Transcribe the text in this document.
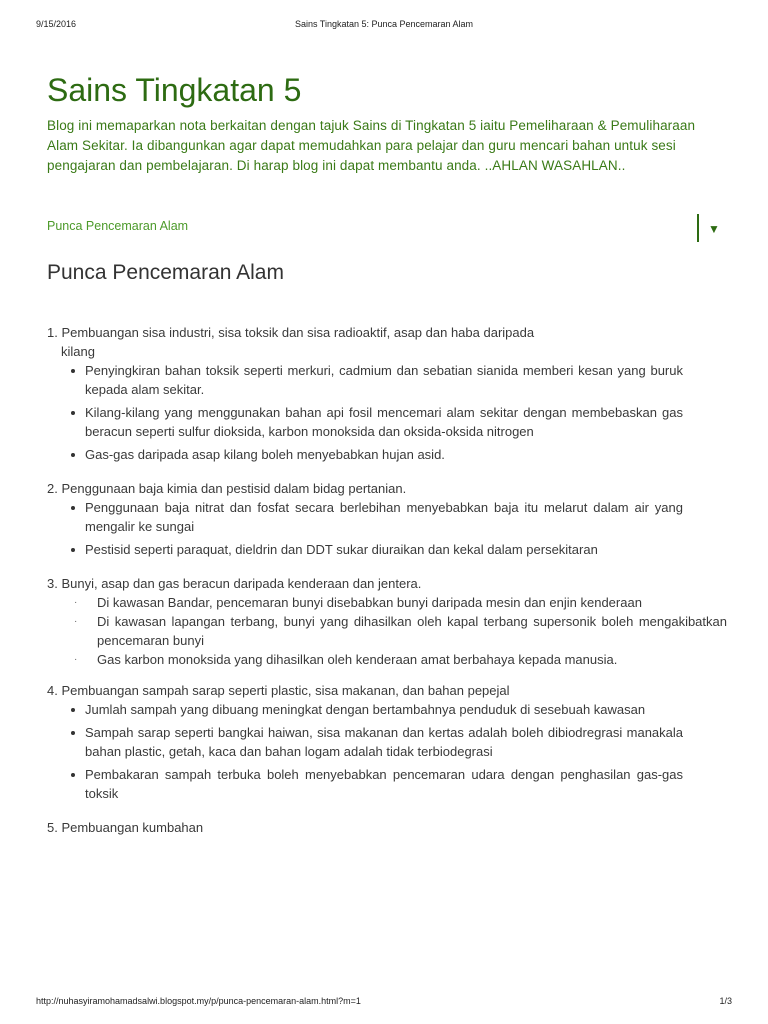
9/15/2016	Sains Tingkatan 5: Punca Pencemaran Alam
Sains Tingkatan 5

Blog ini memaparkan nota berkaitan dengan tajuk Sains di Tingkatan 5 iaitu Pemeliharaan & Pemuliharaan Alam Sekitar. Ia dibangunkan agar dapat memudahkan para pelajar dan guru mencari bahan untuk sesi pengajaran dan pembelajaran. Di harap blog ini dapat membantu anda. ..AHLAN WASAHLAN..

Punca Pencemaran Alam	▼
Punca Pencemaran Alam
1. Pembuangan sisa industri, sisa toksik dan sisa radioaktif, asap dan haba daripada
kilang
Penyingkiran bahan toksik seperti merkuri, cadmium dan sebatian sianida memberi kesan yang buruk kepada alam sekitar.
Kilang-kilang yang menggunakan bahan api fosil mencemari alam sekitar dengan membebaskan gas beracun seperti sulfur dioksida, karbon monoksida dan oksida-oksida nitrogen
Gas-gas daripada asap kilang boleh menyebabkan hujan asid.
2. Penggunaan baja kimia dan pestisid dalam bidag pertanian.
Penggunaan baja nitrat dan fosfat secara berlebihan menyebabkan baja itu melarut dalam air yang mengalir ke sungai
Pestisid seperti paraquat, dieldrin dan DDT sukar diuraikan dan kekal dalam persekitaran
3. Bunyi, asap dan gas beracun daripada kenderaan dan jentera.
· Di kawasan Bandar, pencemaran bunyi disebabkan bunyi daripada mesin dan enjin kenderaan
· Di kawasan lapangan terbang, bunyi yang dihasilkan oleh kapal terbang supersonik boleh mengakibatkan pencemaran bunyi
· Gas karbon monoksida yang dihasilkan oleh kenderaan amat berbahaya kepada manusia.
4. Pembuangan sampah sarap seperti plastic, sisa makanan, dan bahan pepejal
Jumlah sampah yang dibuang meningkat dengan bertambahnya penduduk di sesebuah kawasan
Sampah sarap seperti bangkai haiwan, sisa makanan dan kertas adalah boleh dibiodregrasi manakala bahan plastic, getah, kaca dan bahan logam adalah tidak terbiodegrasi
Pembakaran sampah terbuka boleh menyebabkan pencemaran udara dengan penghasilan gas-gas toksik
5. Pembuangan kumbahan
http://nuhasyiramohamadsalwi.blogspot.my/p/punca-pencemaran-alam.html?m=1	1/3
